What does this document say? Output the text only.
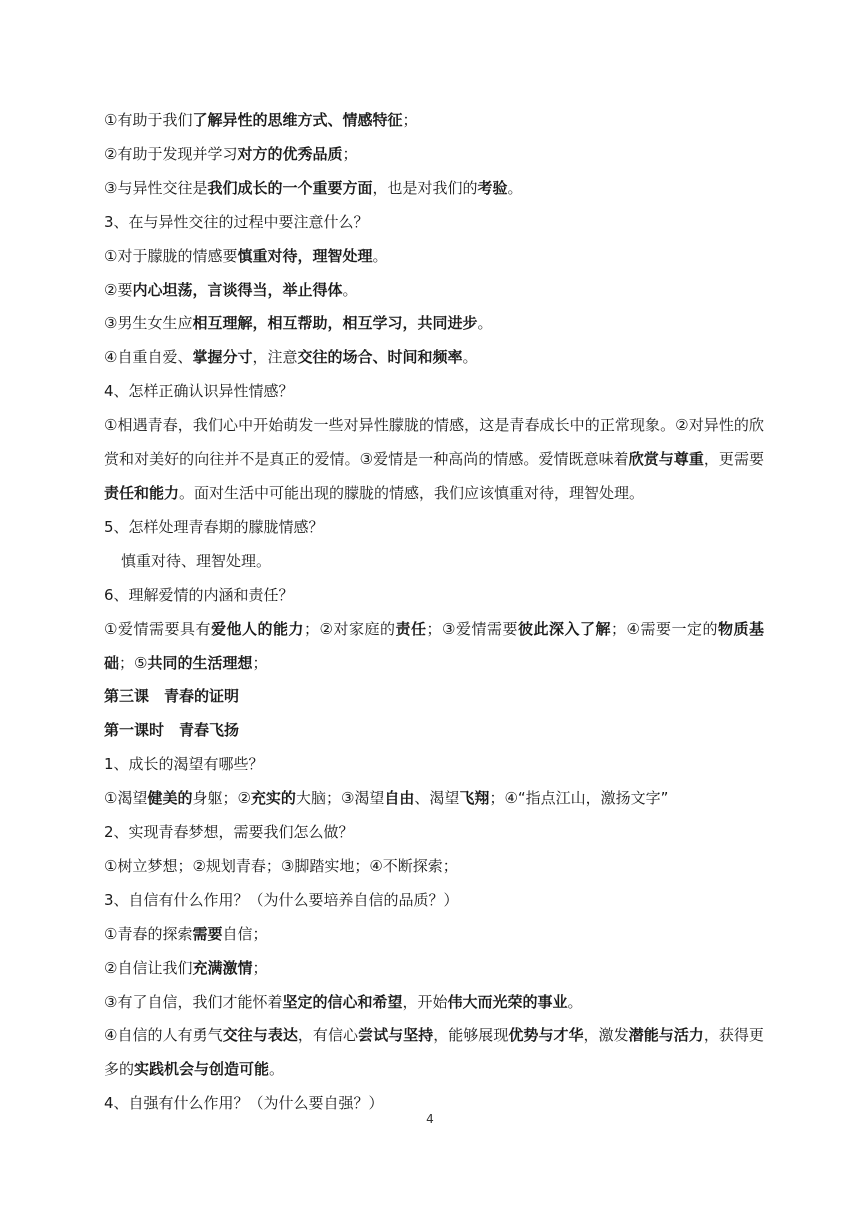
①有助于我们了解异性的思维方式、情感特征；
②有助于发现并学习对方的优秀品质；
③与异性交往是我们成长的一个重要方面，也是对我们的考验。
3、在与异性交往的过程中要注意什么？
①对于朦胧的情感要慎重对待，理智处理。
②要内心坦荡，言谈得当，举止得体。
③男生女生应相互理解，相互帮助，相互学习，共同进步。
④自重自爱、掌握分寸，注意交往的场合、时间和频率。
4、怎样正确认识异性情感？
①相遇青春，我们心中开始萌发一些对异性朦胧的情感，这是青春成长中的正常现象。②对异性的欣赏和对美好的向往并不是真正的爱情。③爱情是一种高尚的情感。爱情既意味着欣赏与尊重，更需要责任和能力。面对生活中可能出现的朦胧的情感，我们应该慎重对待，理智处理。
5、怎样处理青春期的朦胧情感？
慎重对待、理智处理。
6、理解爱情的内涵和责任？
①爱情需要具有爱他人的能力；②对家庭的责任；③爱情需要彼此深入了解；④需要一定的物质基础；⑤共同的生活理想；
第三课　青春的证明
第一课时　青春飞扬
1、成长的渴望有哪些？
①渴望健美的身躯；②充实的大脑；③渴望自由、渴望飞翔；④“指点江山，激扬文字”
2、实现青春梦想，需要我们怎么做？
①树立梦想；②规划青春；③脚踏实地；④不断探索；
3、自信有什么作用？（为什么要培养自信的品质？）
①青春的探索需要自信；
②自信让我们充满激情；
③有了自信，我们才能怀着坚定的信心和希望，开始伟大而光荣的事业。
④自信的人有勇气交往与表达，有信心尝试与坚持，能够展现优势与才华，激发潜能与活力，获得更多的实践机会与创造可能。
4、自强有什么作用？（为什么要自强？）
4
